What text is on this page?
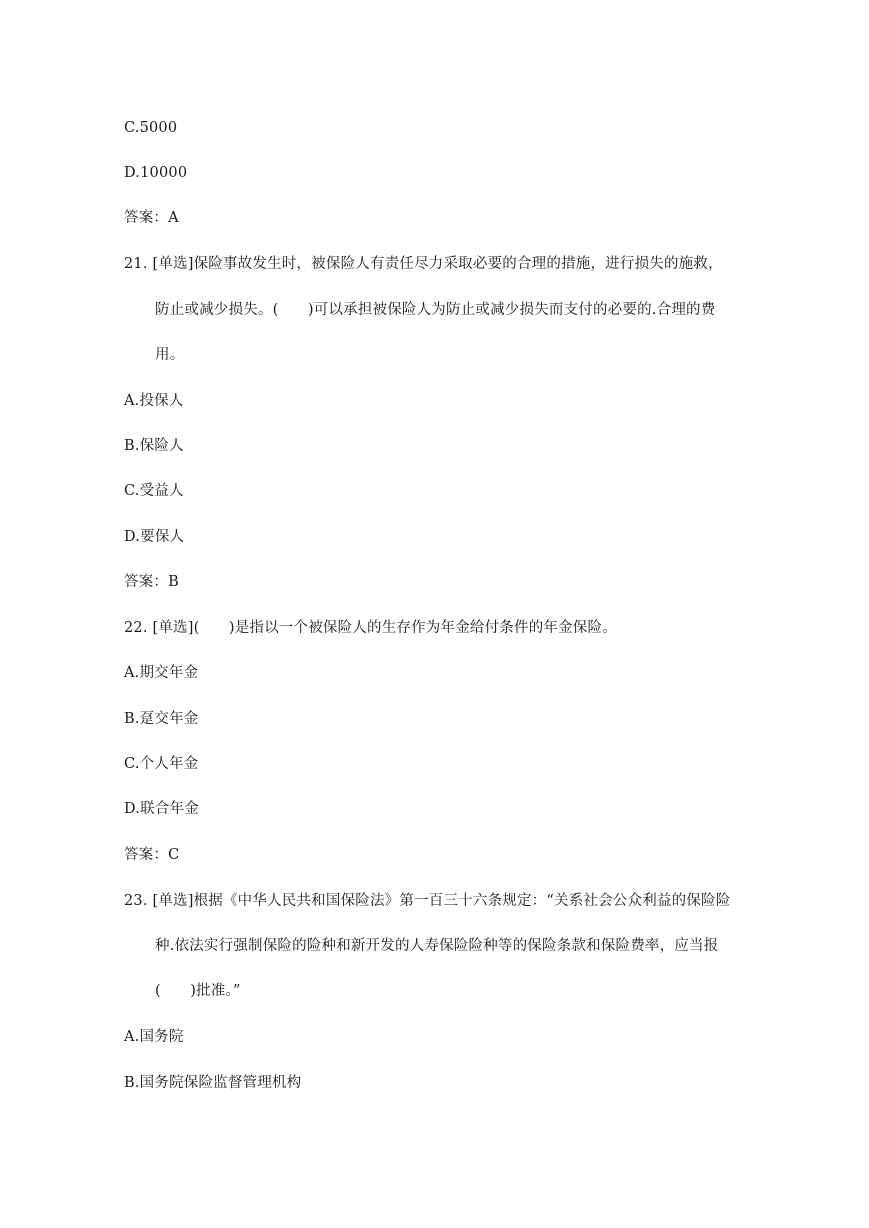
C.5000
D.10000
答案：A
21. [单选]保险事故发生时，被保险人有责任尽力采取必要的合理的措施，进行损失的施救，
防止或减少损失。(　　)可以承担被保险人为防止或减少损失而支付的必要的.合理的费
用。
A.投保人
B.保险人
C.受益人
D.要保人
答案：B
22. [单选](　　)是指以一个被保险人的生存作为年金给付条件的年金保险。
A.期交年金
B.趸交年金
C.个人年金
D.联合年金
答案：C
23. [单选]根据《中华人民共和国保险法》第一百三十六条规定：“关系社会公众利益的保险险
种.依法实行强制保险的险种和新开发的人寿保险险种等的保险条款和保险费率，应当报
(　　)批准。”
A.国务院
B.国务院保险监督管理机构
